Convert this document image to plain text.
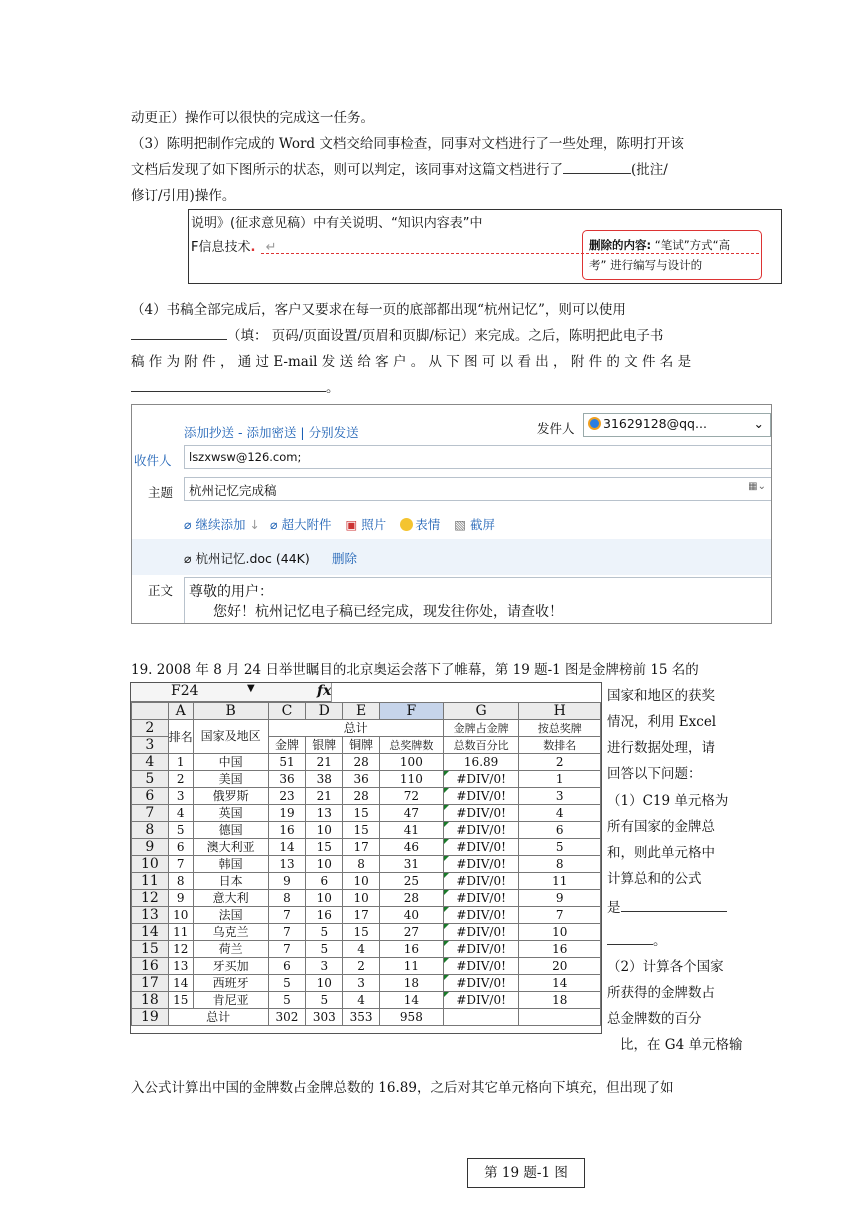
动更正）操作可以很快的完成这一任务。
（3）陈明把制作完成的 Word 文档交给同事检查，同事对文档进行了一些处理，陈明打开该
文档后发现了如下图所示的状态，则可以判定，该同事对这篇文档进行了	(批注/
修订/引用)操作。
说明》(征求意见稿）中有关说明、“知识内容表”中
F信息技术. ↵	删除的内容: “笔试”方式“高
考” 进行编写与设计的
（4）书稿全部完成后，客户又要求在每一页的底部都出现“杭州记忆”，则可以使用
（填： 页码/页面设置/页眉和页脚/标记）来完成。之后，陈明把此电子书
稿 作 为 附 件 ， 通 过 E-mail 发 送 给 客 户 。 从 下 图 可 以 看 出 ， 附 件 的 文 件 名 是
。
添加抄送 - 添加密送 | 分别发送	发件人	31629128@qq...	⌄
收件人	lszxwsw@126.com;
主题	杭州记忆完成稿	▦⌄
⌀ 继续添加 ↓ ⌀ 超大附件 ▣ 照片 表情 ▧ 截屏
⌀ 杭州记忆.doc (44K) 删除
正文 尊敬的用户：
您好！杭州记忆电子稿已经完成，现发往你处，请查收！
19. 2008 年 8 月 24 日举世瞩目的北京奥运会落下了帷幕，第 19 题-1 图是金牌榜前 15 名的
F24	▼	fx
	A	B	C	D	E	F	G	H
2	排名	国家及地区	总计				金牌占金牌	按总奖牌
3			金牌	银牌	铜牌	总奖牌数	总数百分比	数排名
4	1	中国	51	21	28	100	16.89	2
5	2	美国	36	38	36	110	#DIV/0!	1
6	3	俄罗斯	23	21	28	72	#DIV/0!	3
7	4	英国	19	13	15	47	#DIV/0!	4
8	5	德国	16	10	15	41	#DIV/0!	6
9	6	澳大利亚	14	15	17	46	#DIV/0!	5
10	7	韩国	13	10	8	31	#DIV/0!	8
11	8	日本	9	6	10	25	#DIV/0!	11
12	9	意大利	8	10	10	28	#DIV/0!	9
13	10	法国	7	16	17	40	#DIV/0!	7
14	11	乌克兰	7	5	15	27	#DIV/0!	10
15	12	荷兰	7	5	4	16	#DIV/0!	16
16	13	牙买加	6	3	2	11	#DIV/0!	20
17	14	西班牙	5	10	3	18	#DIV/0!	14
18	15	肯尼亚	5	5	4	14	#DIV/0!	18
19	总计		302	303	353	958		
国家和地区的获奖
情况，利用 Excel
进行数据处理，请
回答以下问题：
（1）C19 单元格为
所有国家的金牌总
和，则此单元格中
计算总和的公式
是
。
（2）计算各个国家
所获得的金牌数占
总金牌数的百分
比，在 G4 单元格输
入公式计算出中国的金牌数占金牌总数的 16.89，之后对其它单元格向下填充，但出现了如
第 19 题-1 图
